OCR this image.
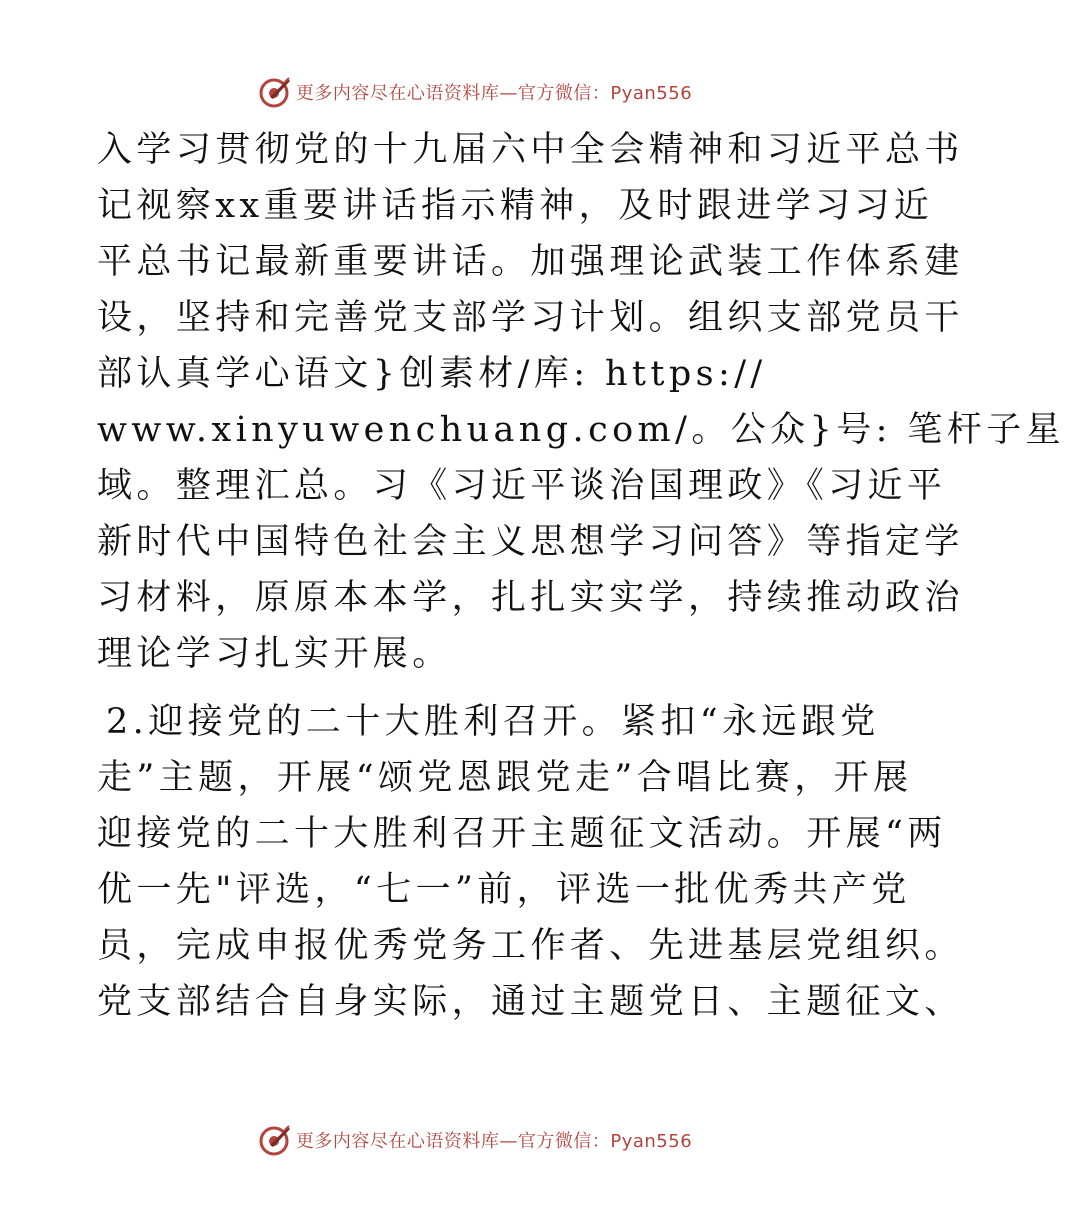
更多内容尽在心语资料库—官方微信：Pyan556
入学习贯彻党的十九届六中全会精神和习近平总书
记视察xx重要讲话指示精神，及时跟进学习习近
平总书记最新重要讲话。加强理论武装工作体系建
设，坚持和完善党支部学习计划。组织支部党员干
部认真学心语文}创素材/库: https://
www.xinyuwenchuang.com/。公众}号: 笔杆子星
域。整理汇总。习《习近平谈治国理政》《习近平
新时代中国特色社会主义思想学习问答》等指定学
习材料，原原本本学，扎扎实实学，持续推动政治
理论学习扎实开展。
2.迎接党的二十大胜利召开。紧扣“永远跟党
走”主题，开展“颂党恩跟党走”合唱比赛，开展
迎接党的二十大胜利召开主题征文活动。开展“两
优一先"评选，“七一”前，评选一批优秀共产党
员，完成申报优秀党务工作者、先进基层党组织。
党支部结合自身实际，通过主题党日、主题征文、
更多内容尽在心语资料库—官方微信：Pyan556
